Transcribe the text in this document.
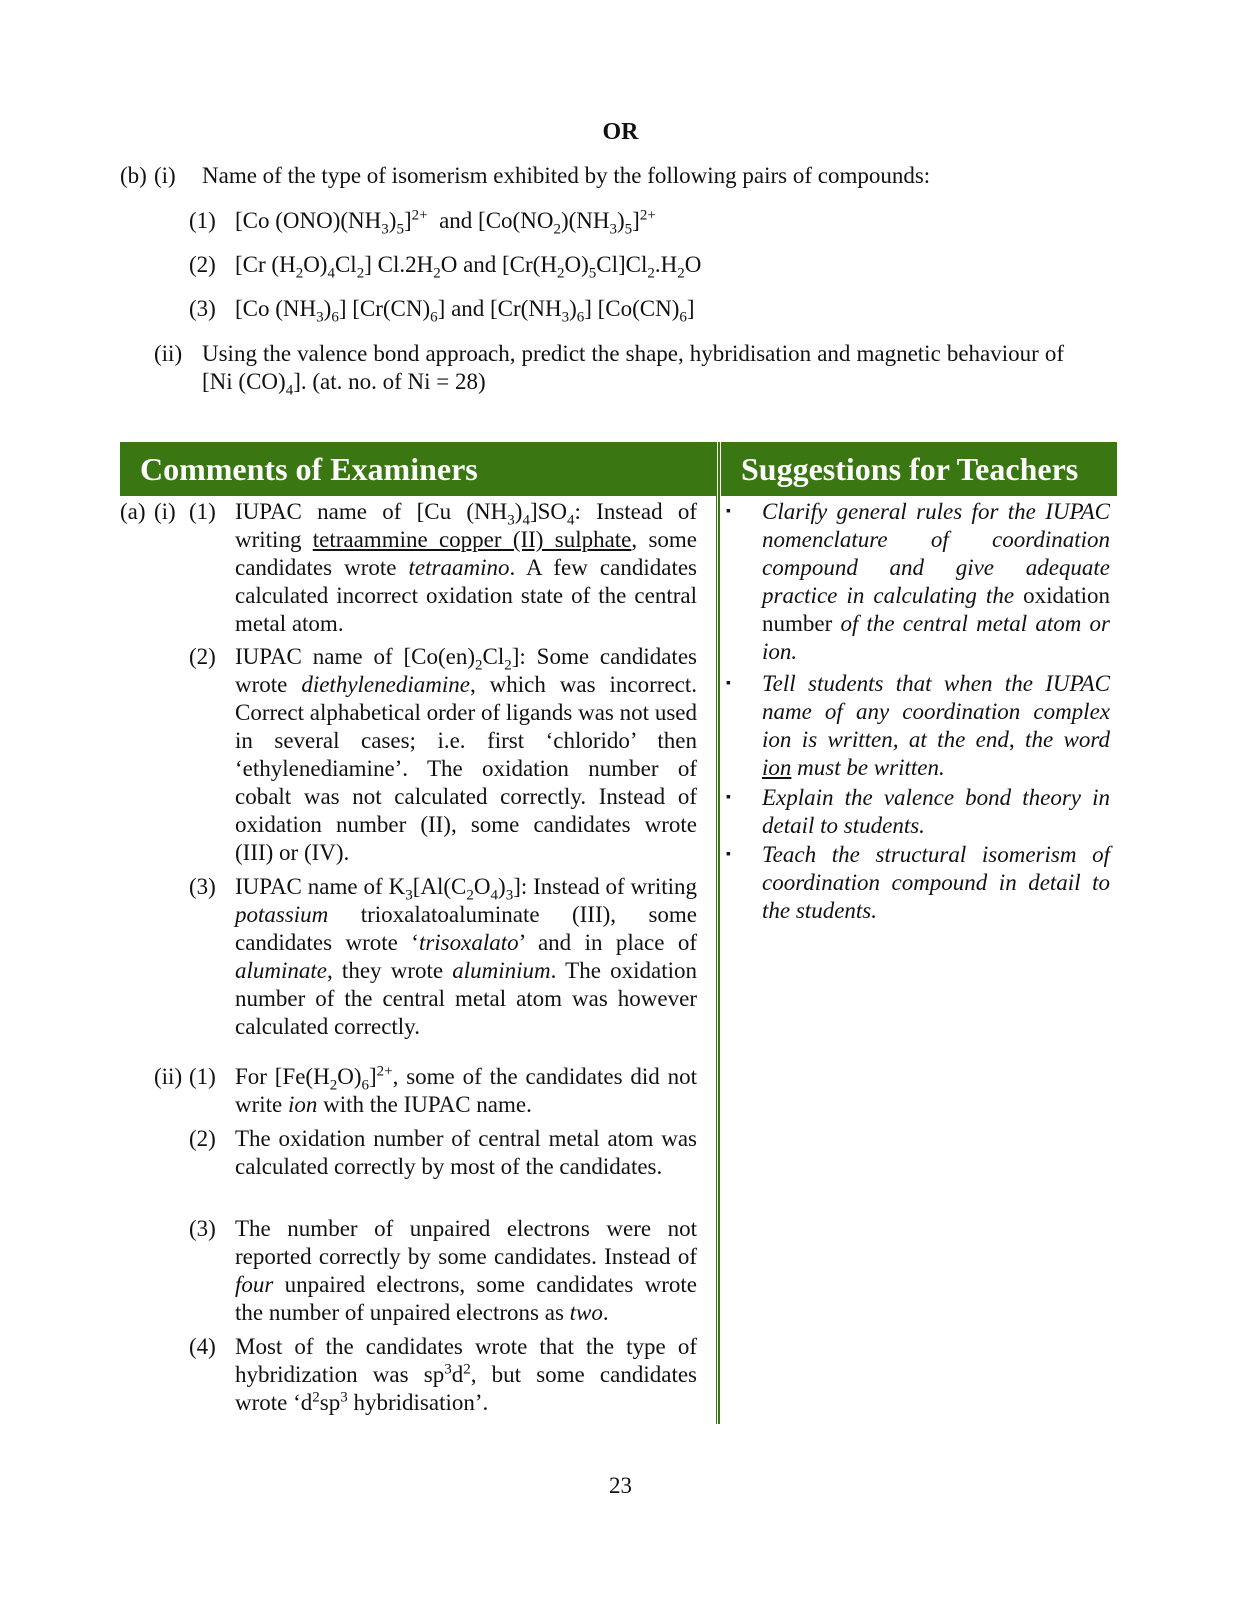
OR
(b) (i) Name of the type of isomerism exhibited by the following pairs of compounds:
(1) [Co $(ONO)(NH_3)_5]^{2+}$  and $[Co(NO_2)(NH_3)_5]^{2+}$
(2) [Cr $(H_2O)_4Cl_2$] $Cl.2H_2O$ and $[Cr(H_2O)_5Cl]Cl_2.H_2O$
(3) [Co $(NH_3)_6$] $[Cr(CN)_6]$ and $[Cr(NH_3)_6]$ $[Co(CN)_6]$
(ii) Using the valence bond approach, predict the shape, hybridisation and magnetic behaviour of [Ni $(CO)_4$]. (at. no. of Ni = 28)
Comments of Examiners	Suggestions for Teachers
(a) (i) (1) IUPAC name of [Cu $(NH_3)_4]SO_4$: Instead of writing tetraammine copper (II) sulphate, some candidates wrote tetraamino. A few candidates calculated incorrect oxidation state of the central metal atom.
(2) IUPAC name of $[Co(en)_2Cl_2]$: Some candidates wrote diethylenediamine, which was incorrect. Correct alphabetical order of ligands was not used in several cases; i.e. first ‘chlorido’ then ‘ethylenediamine’. The oxidation number of cobalt was not calculated correctly. Instead of oxidation number (II), some candidates wrote (III) or (IV).
(3) IUPAC name of $K_3[Al(C_2O_4)_3]$: Instead of writing potassium trioxalatoaluminate (III), some candidates wrote ‘trisoxalato’ and in place of aluminate, they wrote aluminium. The oxidation number of the central metal atom was however calculated correctly.
(ii) (1) For $[Fe(H_2O)_6]^{2+}$, some of the candidates did not write ion with the IUPAC name.
(2) The oxidation number of central metal atom was calculated correctly by most of the candidates.
(3) The number of unpaired electrons were not reported correctly by some candidates. Instead of four unpaired electrons, some candidates wrote the number of unpaired electrons as two.
(4) Most of the candidates wrote that the type of hybridization was $sp^3d^2$, but some candidates wrote ‘$d^2sp^3$ hybridisation’.
▪ Clarify general rules for the IUPAC nomenclature of coordination compound and give adequate practice in calculating the oxidation number of the central metal atom or ion.
▪ Tell students that when the IUPAC name of any coordination complex ion is written, at the end, the word ion must be written.
▪ Explain the valence bond theory in detail to students.
▪ Teach the structural isomerism of coordination compound in detail to the students.
23
